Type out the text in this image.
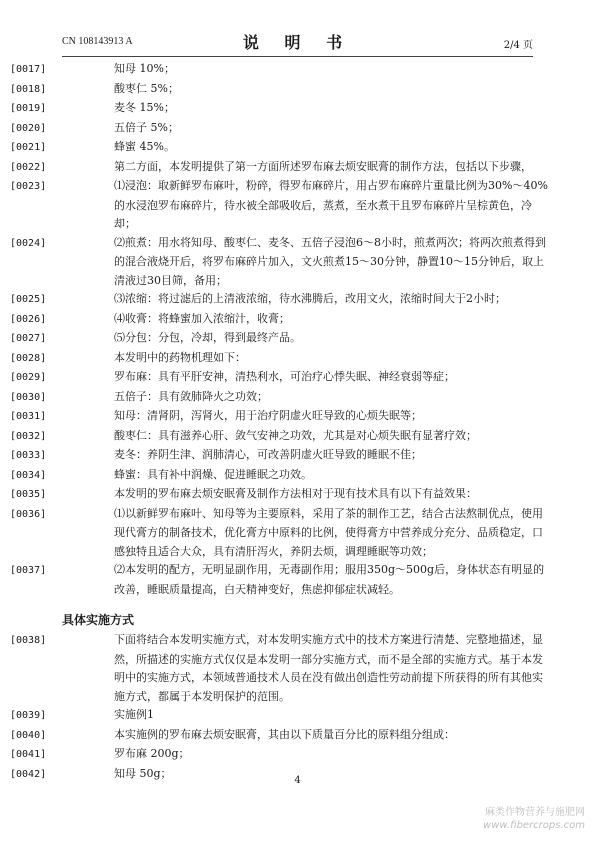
CN 108143913 A	说 明 书	2/4 页
[0017]	知母 10%；
[0018]	酸枣仁 5%；
[0019]	麦冬 15%；
[0020]	五倍子 5%；
[0021]	蜂蜜 45%。
[0022]	第二方面，本发明提供了第一方面所述罗布麻去烦安眠膏的制作方法，包括以下步骤，
[0023]	⑴浸泡：取新鲜罗布麻叶，粉碎，得罗布麻碎片，用占罗布麻碎片重量比例为30%～40%的水浸泡罗布麻碎片，待水被全部吸收后，蒸煮，至水煮干且罗布麻碎片呈棕黄色，冷却；
[0024]	⑵煎煮：用水将知母、酸枣仁、麦冬、五倍子浸泡6～8小时，煎煮两次；将两次煎煮得到的混合液烧开后，将罗布麻碎片加入，文火煎煮15～30分钟，静置10～15分钟后，取上清液过30目筛，备用；
[0025]	⑶浓缩：将过滤后的上清液浓缩，待水沸腾后，改用文火，浓缩时间大于2小时；
[0026]	⑷收膏：将蜂蜜加入浓缩汁，收膏；
[0027]	⑸分包：分包，冷却，得到最终产品。
[0028]	本发明中的药物机理如下：
[0029]	罗布麻：具有平肝安神，清热利水，可治疗心悸失眠、神经衰弱等症；
[0030]	五倍子：具有敛肺降火之功效；
[0031]	知母：清肾阴，泻肾火，用于治疗阴虚火旺导致的心烦失眠等；
[0032]	酸枣仁：具有滋养心肝、敛气安神之功效，尤其是对心烦失眠有显著疗效；
[0033]	麦冬：养阴生津、润肺清心，可改善阴虚火旺导致的睡眠不佳；
[0034]	蜂蜜：具有补中润燥、促进睡眠之功效。
[0035]	本发明的罗布麻去烦安眠膏及制作方法相对于现有技术具有以下有益效果：
[0036]	⑴以新鲜罗布麻叶、知母等为主要原料，采用了茶的制作工艺，结合古法熬制优点，使用现代膏方的制备技术，优化膏方中原料的比例，使得膏方中营养成分充分、品质稳定，口感独特且适合大众，具有清肝泻火，养阴去烦，调理睡眠等功效；
[0037]	⑵本发明的配方，无明显副作用，无毒副作用；服用350g～500g后，身体状态有明显的改善，睡眠质量提高，白天精神变好，焦虑抑郁症状减轻。
具体实施方式
[0038]	下面将结合本发明实施方式，对本发明实施方式中的技术方案进行清楚、完整地描述，显然，所描述的实施方式仅仅是本发明一部分实施方式，而不是全部的实施方式。基于本发明中的实施方式，本领域普通技术人员在没有做出创造性劳动前提下所获得的所有其他实施方式，都属于本发明保护的范围。
[0039]	实施例1
[0040]	本实施例的罗布麻去烦安眠膏，其由以下质量百分比的原料组分组成：
[0041]	罗布麻 200g；
[0042]	知母 50g；
4
麻类作物营养与施肥网
www.fibercrops.com
